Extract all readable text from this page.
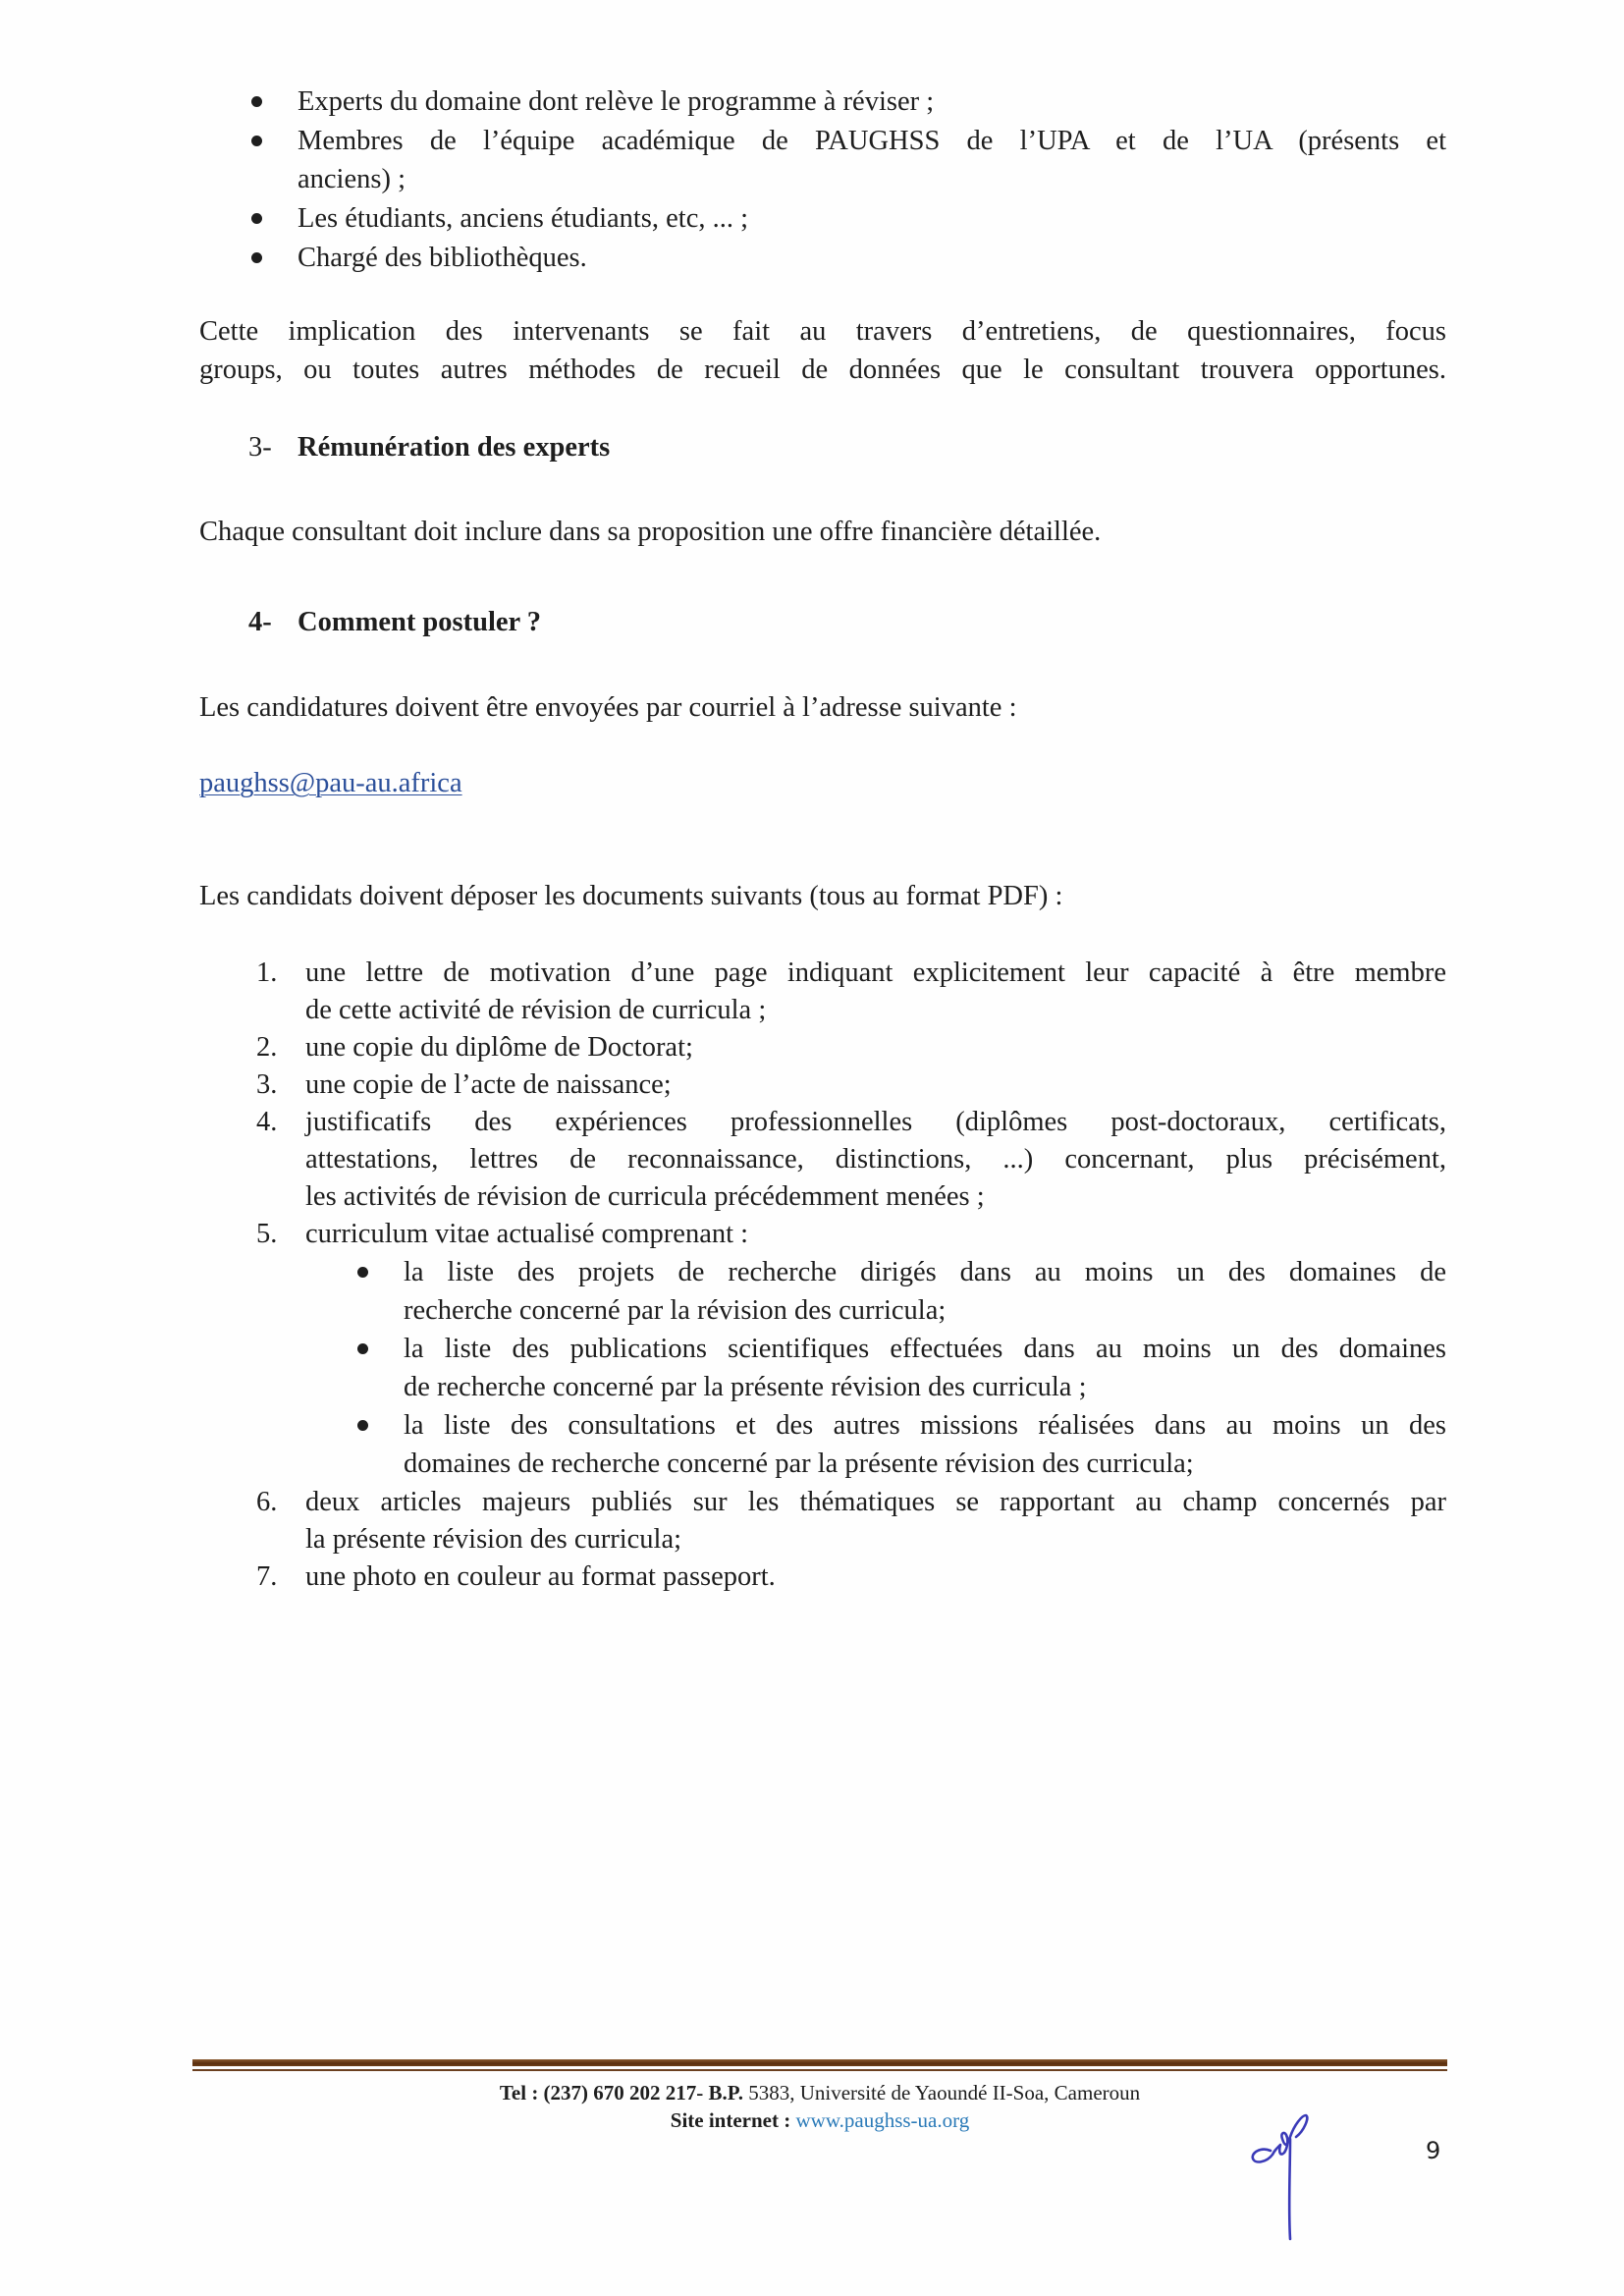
Experts du domaine dont relève le programme à réviser ;
Membres de l’équipe académique de PAUGHSS de l’UPA et de l’UA (présents et
anciens) ;
Les étudiants, anciens étudiants, etc, ... ;
Chargé des bibliothèques.
Cette implication des intervenants se fait au travers d’entretiens, de questionnaires, focus
groups, ou toutes autres méthodes de recueil de données que le consultant trouvera opportunes.
3- Rémunération des experts
Chaque consultant doit inclure dans sa proposition une offre financière détaillée.
4- Comment postuler ?
Les candidatures doivent être envoyées par courriel à l’adresse suivante :
paughss@pau-au.africa
Les candidats doivent déposer les documents suivants (tous au format PDF) :
1. une lettre de motivation d’une page indiquant explicitement leur capacité à être membre
de cette activité de révision de curricula ;
2. une copie du diplôme de Doctorat;
3. une copie de l’acte de naissance;
4. justificatifs des expériences professionnelles (diplômes post-doctoraux, certificats,
attestations, lettres de reconnaissance, distinctions, ...) concernant, plus précisément,
les activités de révision de curricula précédemment menées ;
5. curriculum vitae actualisé comprenant :
la liste des projets de recherche dirigés dans au moins un des domaines de
recherche concerné par la révision des curricula;
la liste des publications scientifiques effectuées dans au moins un des domaines
de recherche concerné par la présente révision des curricula ;
la liste des consultations et des autres missions réalisées dans au moins un des
domaines de recherche concerné par la présente révision des curricula;
6. deux articles majeurs publiés sur les thématiques se rapportant au champ concernés par
la présente révision des curricula;
7. une photo en couleur au format passeport.
Tel : (237) 670 202 217- B.P. 5383, Université de Yaoundé II-Soa, Cameroun
Site internet : www.paughss-ua.org
9
